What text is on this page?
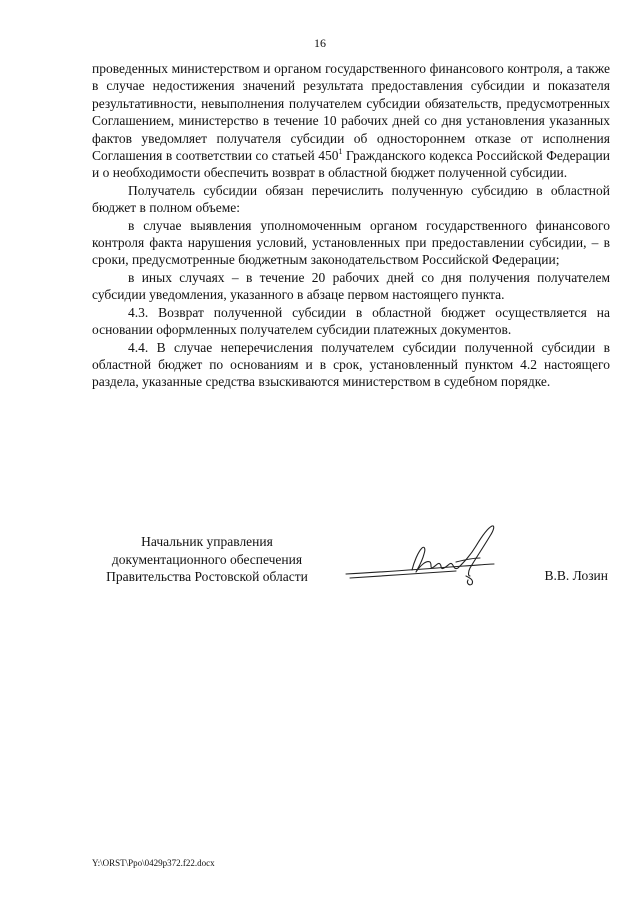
16

проведенных министерством и органом государственного финансового контроля, а также в случае недостижения значений результата предоставления субсидии и показателя результативности, невыполнения получателем субсидии обязательств, предусмотренных Соглашением, министерство в течение 10 рабочих дней со дня установления указанных фактов уведомляет получателя субсидии об одностороннем отказе от исполнения Соглашения в соответствии со статьей $450^1$ Гражданского кодекса Российской Федерации и о необходимости обеспечить возврат в областной бюджет полученной субсидии.

Получатель субсидии обязан перечислить полученную субсидию в областной бюджет в полном объеме:

в случае выявления уполномоченным органом государственного финансового контроля факта нарушения условий, установленных при предоставлении субсидии, – в сроки, предусмотренные бюджетным законодательством Российской Федерации;

в иных случаях – в течение 20 рабочих дней со дня получения получателем субсидии уведомления, указанного в абзаце первом настоящего пункта.

4.3. Возврат полученной субсидии в областной бюджет осуществляется на основании оформленных получателем субсидии платежных документов.

4.4. В случае неперечисления получателем субсидии полученной субсидии в областной бюджет по основаниям и в срок, установленный пунктом 4.2 настоящего раздела, указанные средства взыскиваются министерством в судебном порядке.

Начальник управления
документационного обеспечения
Правительства Ростовской области	В.В. Лозин
Y:\ORST\Ppo\0429p372.f22.docx
